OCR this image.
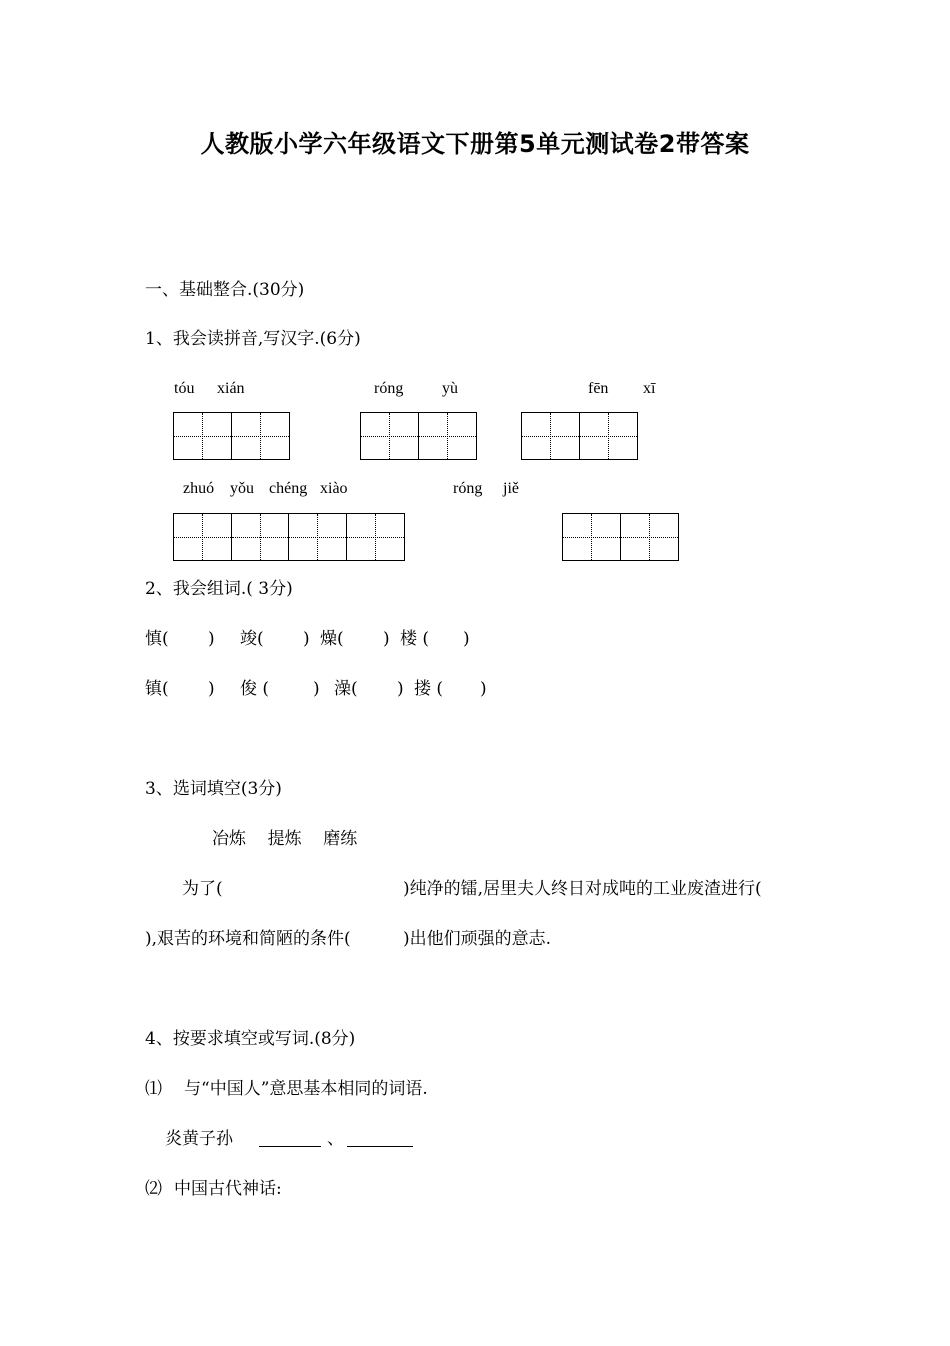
人教版小学六年级语文下册第5单元测试卷2带答案
一、基础整合.(30分)
1、我会读拼音,写汉字.(6分)
tóu xián	róng yù	fēn xī
zhuó yǒu chéng xiào	róng jiě
2、我会组词.( 3分)
慎( ) 竣( ) 燥( ) 楼 ( )
镇( ) 俊 (	) 澡( ) 搂 ( )
3、选词填空(3分)
冶炼    提炼    磨练
为了(	)纯净的镭,居里夫人终日对成吨的工业废渣进行(
),艰苦的环境和简陋的条件(	)出他们顽强的意志.
4、按要求填空或写词.(8分)
⑴ 与“中国人”意思基本相同的词语.
炎黄子孙	、
⑵ 中国古代神话:
